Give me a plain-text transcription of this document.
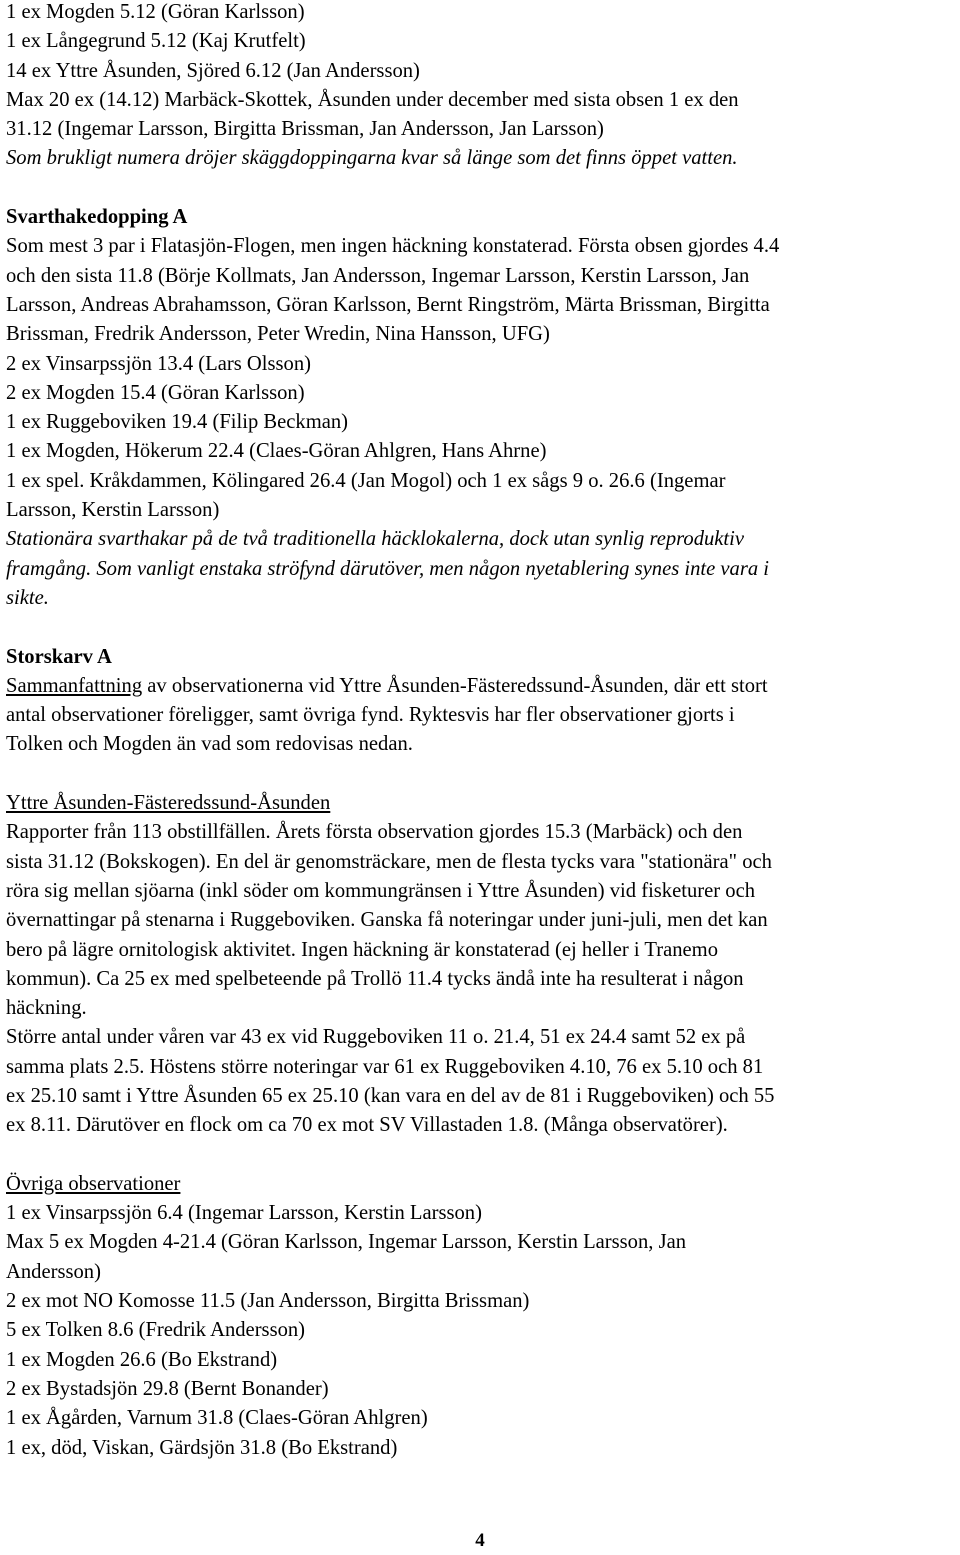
1 ex Mogden 5.12 (Göran Karlsson)
1 ex Långegrund 5.12 (Kaj Krutfelt)
14 ex Yttre Åsunden, Sjöred 6.12 (Jan Andersson)
Max 20 ex (14.12) Marbäck-Skottek, Åsunden under december med sista obsen 1 ex den
31.12 (Ingemar Larsson, Birgitta Brissman, Jan Andersson, Jan Larsson)
Som brukligt numera dröjer skäggdoppingarna kvar så länge som det finns öppet vatten.
Svarthakedopping A
Som mest 3 par i Flatasjön-Flogen, men ingen häckning konstaterad. Första obsen gjordes 4.4
och den sista 11.8 (Börje Kollmats, Jan Andersson, Ingemar Larsson, Kerstin Larsson, Jan
Larsson, Andreas Abrahamsson, Göran Karlsson, Bernt Ringström, Märta Brissman, Birgitta
Brissman, Fredrik Andersson, Peter Wredin, Nina Hansson, UFG)
2 ex Vinsarpssjön 13.4 (Lars Olsson)
2 ex Mogden 15.4 (Göran Karlsson)
1 ex Ruggeboviken 19.4 (Filip Beckman)
1 ex Mogden, Hökerum 22.4 (Claes-Göran Ahlgren, Hans Ahrne)
1 ex spel. Kråkdammen, Kölingared 26.4 (Jan Mogol) och 1 ex sågs 9 o. 26.6 (Ingemar
Larsson, Kerstin Larsson)
Stationära svarthakar på de två traditionella häcklokalerna, dock utan synlig reproduktiv
framgång. Som vanligt enstaka ströfynd därutöver, men någon nyetablering synes inte vara i
sikte.
Storskarv A
Sammanfattning av observationerna vid Yttre Åsunden-Fästeredssund-Åsunden, där ett stort
antal observationer föreligger, samt övriga fynd. Ryktesvis har fler observationer gjorts i
Tolken och Mogden än vad som redovisas nedan.
Yttre Åsunden-Fästeredssund-Åsunden
Rapporter från 113 obstillfällen. Årets första observation gjordes 15.3 (Marbäck) och den
sista 31.12 (Bokskogen). En del är genomsträckare, men de flesta tycks vara "stationära" och
röra sig mellan sjöarna (inkl söder om kommungränsen i Yttre Åsunden) vid fisketurer och
övernattingar på stenarna i Ruggeboviken. Ganska få noteringar under juni-juli, men det kan
bero på lägre ornitologisk aktivitet. Ingen häckning är konstaterad (ej heller i Tranemo
kommun). Ca 25 ex med spelbeteende på Trollö 11.4 tycks ändå inte ha resulterat i någon
häckning.
Större antal under våren var 43 ex vid Ruggeboviken 11 o. 21.4, 51 ex 24.4 samt 52 ex på
samma plats 2.5. Höstens större noteringar var 61 ex Ruggeboviken 4.10, 76 ex 5.10 och 81
ex 25.10 samt i Yttre Åsunden 65 ex 25.10 (kan vara en del av de 81 i Ruggeboviken) och 55
ex 8.11. Därutöver en flock om ca 70 ex mot SV Villastaden 1.8. (Många observatörer).
Övriga observationer
1 ex Vinsarpssjön 6.4 (Ingemar Larsson, Kerstin Larsson)
Max 5 ex Mogden 4-21.4 (Göran Karlsson, Ingemar Larsson, Kerstin Larsson, Jan
Andersson)
2 ex mot NO Komosse 11.5 (Jan Andersson, Birgitta Brissman)
5 ex Tolken 8.6 (Fredrik Andersson)
1 ex Mogden 26.6 (Bo Ekstrand)
2 ex Bystadsjön 29.8 (Bernt Bonander)
1 ex Ågården, Varnum 31.8 (Claes-Göran Ahlgren)
1 ex, död, Viskan, Gärdsjön 31.8 (Bo Ekstrand)
4
